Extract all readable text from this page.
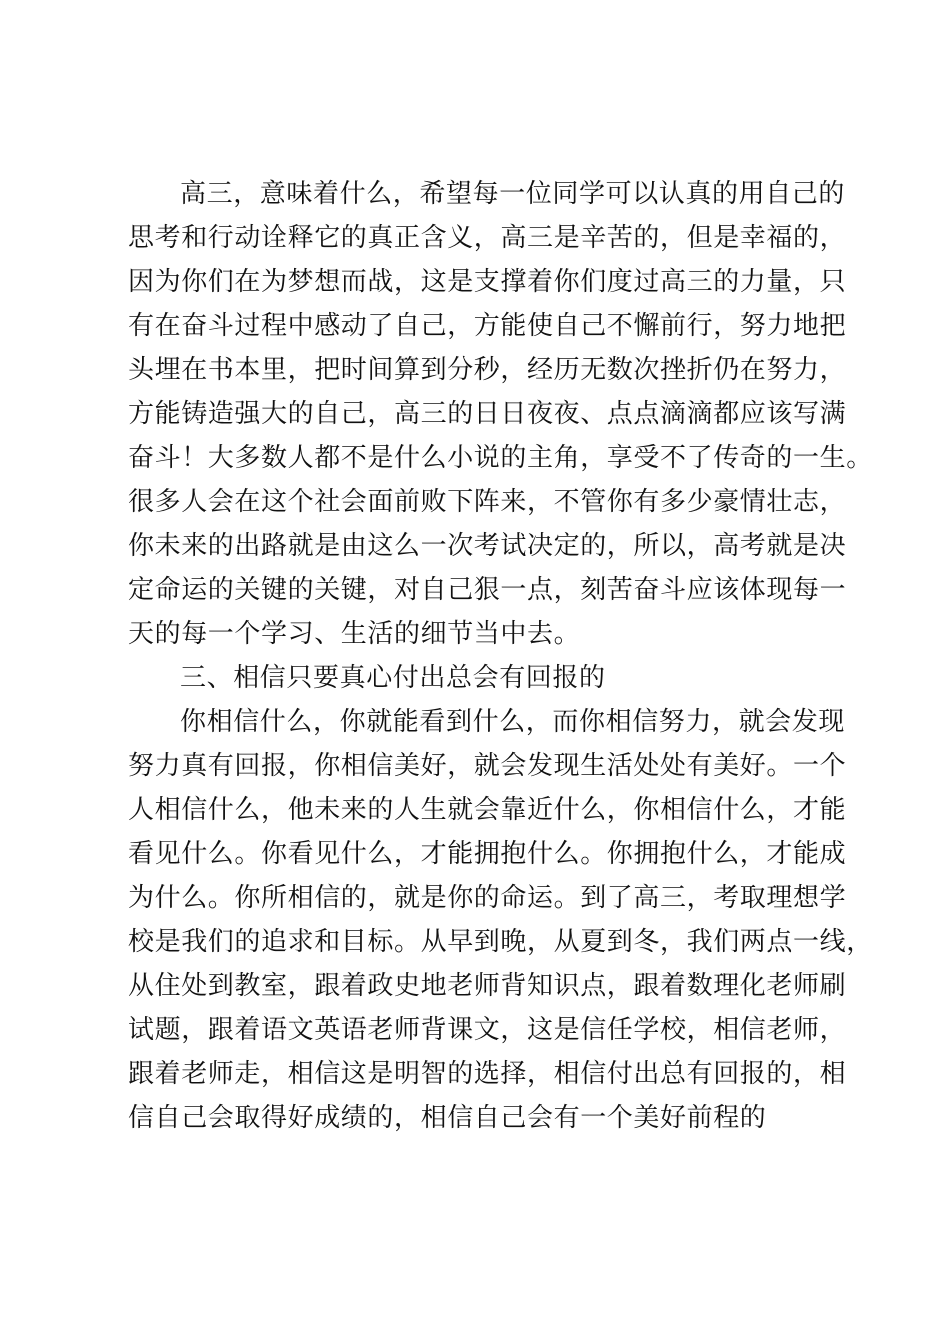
高三，意味着什么，希望每一位同学可以认真的用自己的
思考和行动诠释它的真正含义，高三是辛苦的，但是幸福的，
因为你们在为梦想而战，这是支撑着你们度过高三的力量，只
有在奋斗过程中感动了自己，方能使自己不懈前行，努力地把
头埋在书本里，把时间算到分秒，经历无数次挫折仍在努力，
方能铸造强大的自己，高三的日日夜夜、点点滴滴都应该写满
奋斗！大多数人都不是什么小说的主角，享受不了传奇的一生。
很多人会在这个社会面前败下阵来，不管你有多少豪情壮志，
你未来的出路就是由这么一次考试决定的，所以，高考就是决
定命运的关键的关键，对自己狠一点，刻苦奋斗应该体现每一
天的每一个学习、生活的细节当中去。
三、相信只要真心付出总会有回报的
你相信什么，你就能看到什么，而你相信努力，就会发现
努力真有回报，你相信美好，就会发现生活处处有美好。一个
人相信什么，他未来的人生就会靠近什么，你相信什么，才能
看见什么。你看见什么，才能拥抱什么。你拥抱什么，才能成
为什么。你所相信的，就是你的命运。到了高三，考取理想学
校是我们的追求和目标。从早到晚，从夏到冬，我们两点一线，
从住处到教室，跟着政史地老师背知识点，跟着数理化老师刷
试题，跟着语文英语老师背课文，这是信任学校，相信老师，
跟着老师走，相信这是明智的选择，相信付出总有回报的，相
信自己会取得好成绩的，相信自己会有一个美好前程的
